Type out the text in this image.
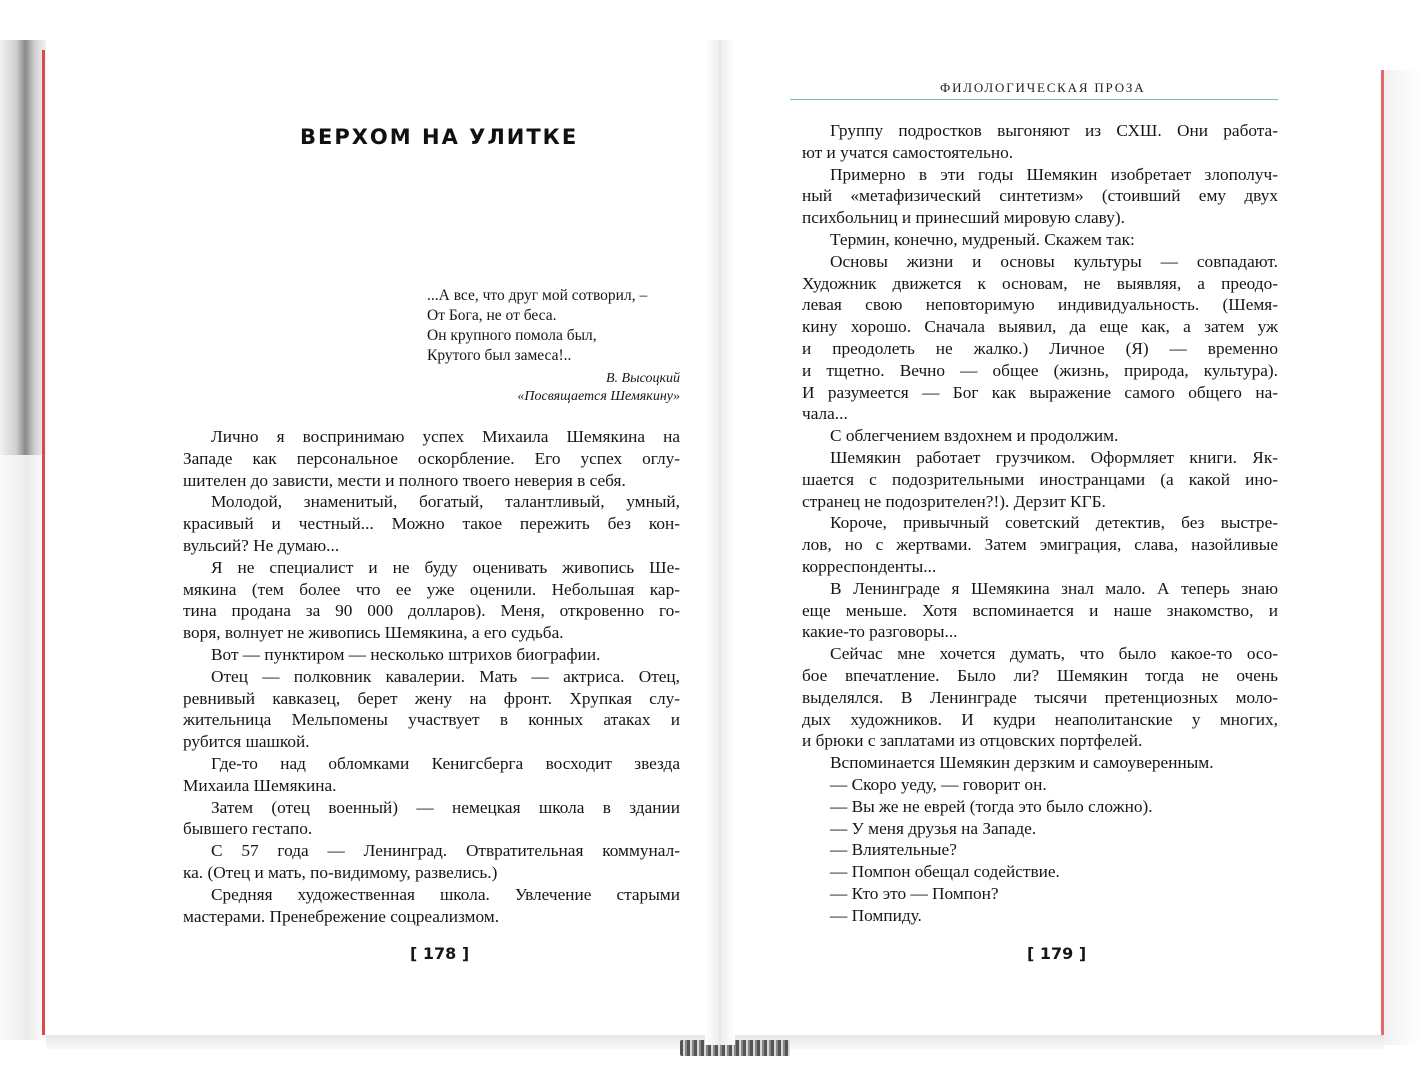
ВЕРХОМ НА УЛИТКЕ
...А все, что друг мой сотворил, –
От Бога, не от беса.
Он крупного помола был,
Крутого был замеса!..
В. Высоцкий
«Посвящается Шемякину»
Лично я воспринимаю успех Михаила Шемякина на
Западе как персональное оскорбление. Его успех оглу-
шителен до зависти, мести и полного твоего неверия в себя.
Молодой, знаменитый, богатый, талантливый, умный,
красивый и честный... Можно такое пережить без кон-
вульсий? Не думаю...
Я не специалист и не буду оценивать живопись Ше-
мякина (тем более что ее уже оценили. Небольшая кар-
тина продана за 90 000 долларов). Меня, откровенно го-
воря, волнует не живопись Шемякина, а его судьба.
Вот — пунктиром — несколько штрихов биографии.
Отец — полковник кавалерии. Мать — актриса. Отец,
ревнивый кавказец, берет жену на фронт. Хрупкая слу-
жительница Мельпомены участвует в конных атаках и
рубится шашкой.
Где-то над обломками Кенигсберга восходит звезда
Михаила Шемякина.
Затем (отец военный) — немецкая школа в здании
бывшего гестапо.
С 57 года — Ленинград. Отвратительная коммунал-
ка. (Отец и мать, по-видимому, развелись.)
Средняя художественная школа. Увлечение старыми
мастерами. Пренебрежение соцреализмом.
[ 178 ]
ФИЛОЛОГИЧЕСКАЯ ПРОЗА
Группу подростков выгоняют из СХШ. Они работа-
ют и учатся самостоятельно.
Примерно в эти годы Шемякин изобретает злополуч-
ный «метафизический синтетизм» (стоивший ему двух
психбольниц и принесший мировую славу).
Термин, конечно, мудреный. Скажем так:
Основы жизни и основы культуры — совпадают.
Художник движется к основам, не выявляя, а преодо-
левая свою неповторимую индивидуальность. (Шемя-
кину хорошо. Сначала выявил, да еще как, а затем уж
и преодолеть не жалко.) Личное (Я) — временно
и тщетно. Вечно — общее (жизнь, природа, культура).
И разумеется — Бог как выражение самого общего на-
чала...
С облегчением вздохнем и продолжим.
Шемякин работает грузчиком. Оформляет книги. Як-
шается с подозрительными иностранцами (а какой ино-
странец не подозрителен?!). Дерзит КГБ.
Короче, привычный советский детектив, без выстре-
лов, но с жертвами. Затем эмиграция, слава, назойливые
корреспонденты...
В Ленинграде я Шемякина знал мало. А теперь знаю
еще меньше. Хотя вспоминается и наше знакомство, и
какие-то разговоры...
Сейчас мне хочется думать, что было какое-то осо-
бое впечатление. Было ли? Шемякин тогда не очень
выделялся. В Ленинграде тысячи претенциозных моло-
дых художников. И кудри неаполитанские у многих,
и брюки с заплатами из отцовских портфелей.
Вспоминается Шемякин дерзким и самоуверенным.
— Скоро уеду, — говорит он.
— Вы же не еврей (тогда это было сложно).
— У меня друзья на Западе.
— Влиятельные?
— Помпон обещал содействие.
— Кто это — Помпон?
— Помпиду.
[ 179 ]
